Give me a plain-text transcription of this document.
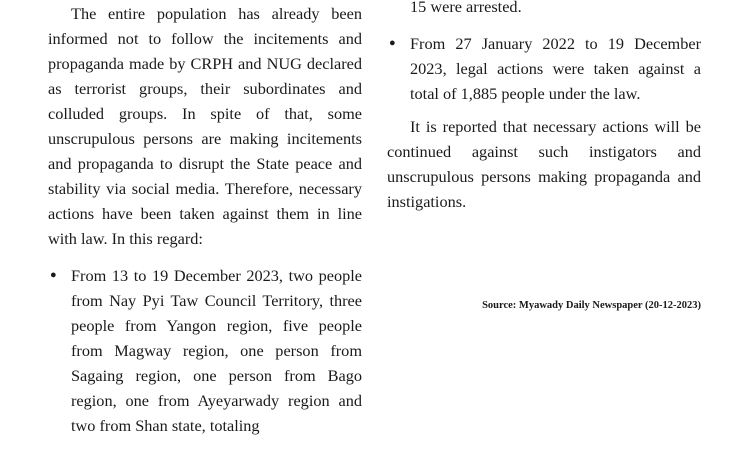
The entire population has already been informed not to follow the incitements and propaganda made by CRPH and NUG declared as terrorist groups, their subordinates and colluded groups. In spite of that, some unscrupulous persons are making incitements and propaganda to disrupt the State peace and stability via social media. Therefore, necessary actions have been taken against them in line with law. In this regard:

● From 13 to 19 December 2023, two people from Nay Pyi Taw Council Territory, three people from Yangon region, five people from Magway region, one person from Sagaing region, one person from Bago region, one from Ayeyarwady region and two from Shan state, totaling

15 were arrested.

● From 27 January 2022 to 19 December 2023, legal actions were taken against a total of 1,885 people under the law.

It is reported that necessary actions will be continued against such instigators and unscrupulous persons making propaganda and instigations.

Source: Myawady Daily Newspaper (20-12-2023)
